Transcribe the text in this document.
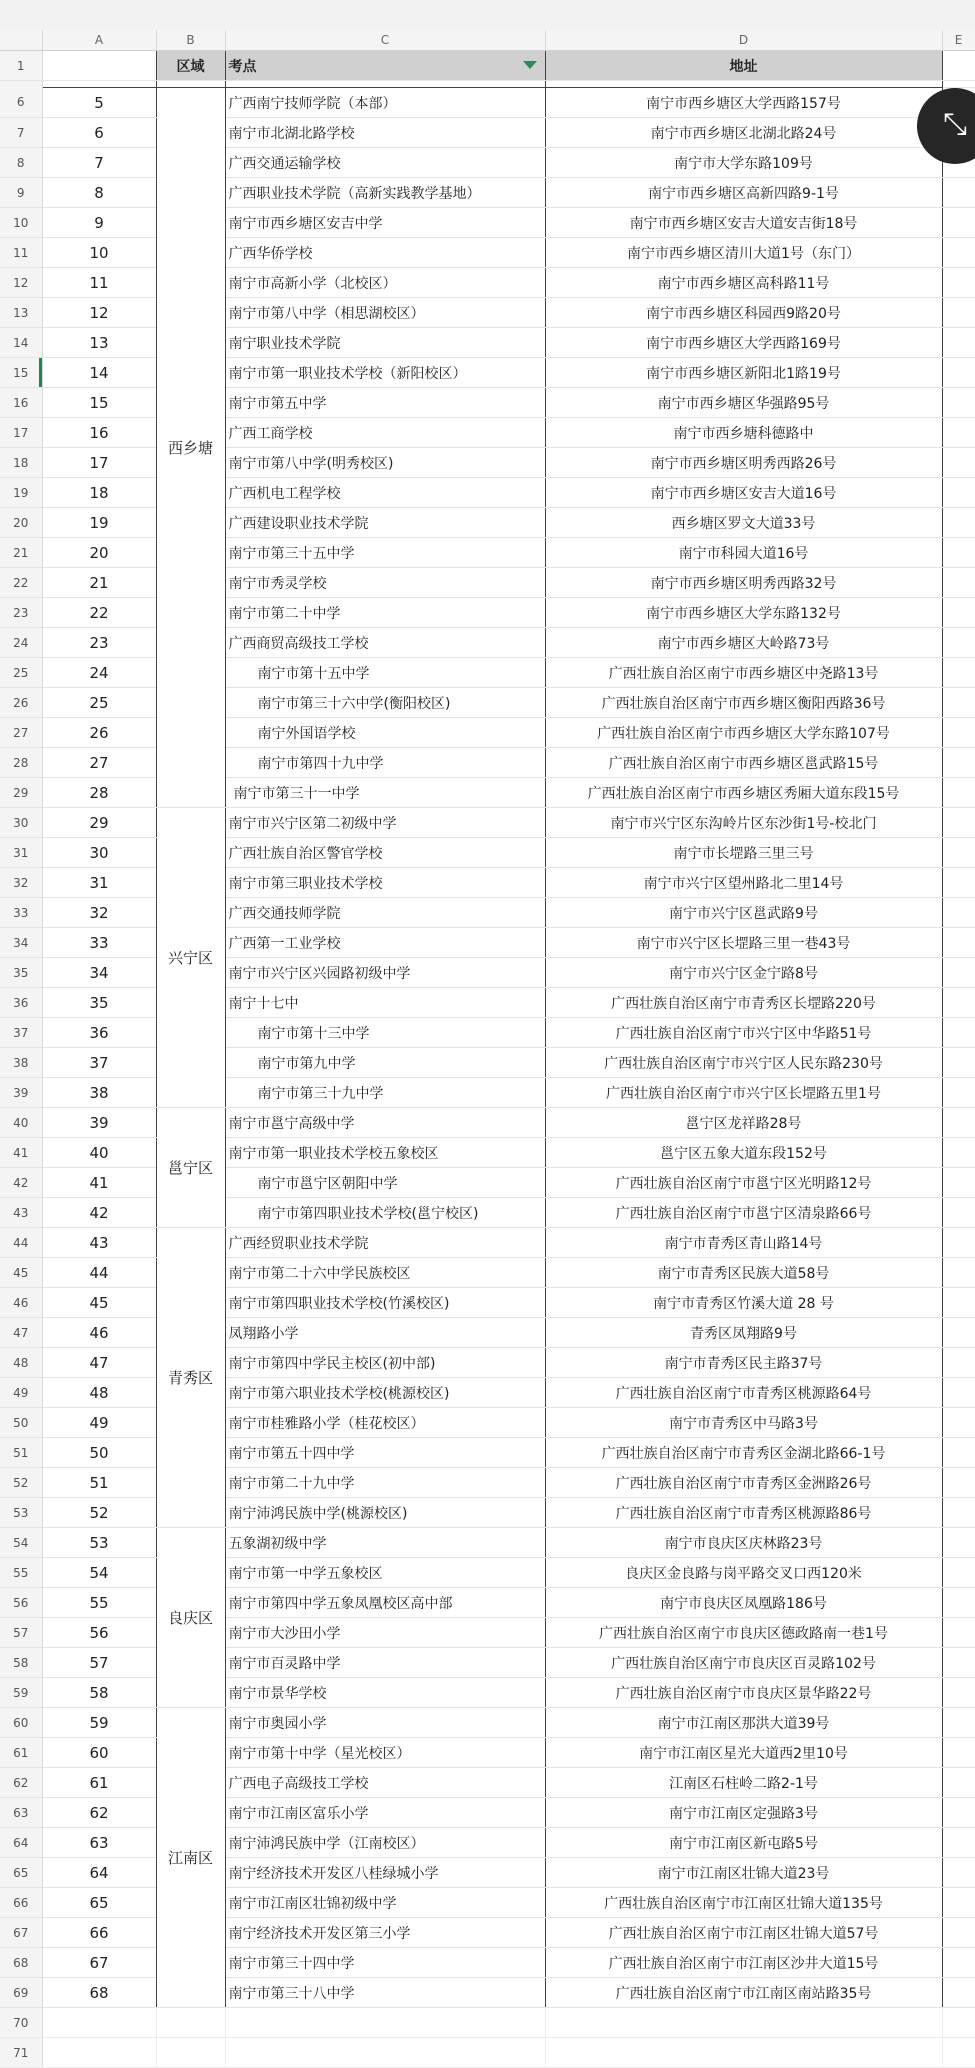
	A	B	C	D	E
1		区域	考点	地址	

6	5	西乡塘	广西南宁技师学院（本部）	南宁市西乡塘区大学西路157号	
7	6		南宁市北湖北路学校	南宁市西乡塘区北湖北路24号	
8	7		广西交通运输学校	南宁市大学东路109号	
9	8		广西职业技术学院（高新实践教学基地）	南宁市西乡塘区高新四路9-1号	
10	9		南宁市西乡塘区安吉中学	南宁市西乡塘区安吉大道安吉街18号	
11	10		广西华侨学校	南宁市西乡塘区清川大道1号（东门）	
12	11		南宁市高新小学（北校区）	南宁市西乡塘区高科路11号	
13	12		南宁市第八中学（相思湖校区）	南宁市西乡塘区科园西9路20号	
14	13		南宁职业技术学院	南宁市西乡塘区大学西路169号	
15	14		南宁市第一职业技术学校（新阳校区）	南宁市西乡塘区新阳北1路19号	
16	15		南宁市第五中学	南宁市西乡塘区华强路95号	
17	16		广西工商学校	南宁市西乡塘科德路中	
18	17		南宁市第八中学(明秀校区)	南宁市西乡塘区明秀西路26号	
19	18		广西机电工程学校	南宁市西乡塘区安吉大道16号	
20	19		广西建设职业技术学院	西乡塘区罗文大道33号	
21	20		南宁市第三十五中学	南宁市科园大道16号	
22	21		南宁市秀灵学校	南宁市西乡塘区明秀西路32号	
23	22		南宁市第二十中学	南宁市西乡塘区大学东路132号	
24	23		广西商贸高级技工学校	南宁市西乡塘区大岭路73号	
25	24		南宁市第十五中学	广西壮族自治区南宁市西乡塘区中尧路13号	
26	25		南宁市第三十六中学(衡阳校区)	广西壮族自治区南宁市西乡塘区衡阳西路36号	
27	26		南宁外国语学校	广西壮族自治区南宁市西乡塘区大学东路107号	
28	27		南宁市第四十九中学	广西壮族自治区南宁市西乡塘区邕武路15号	
29	28		南宁市第三十一中学	广西壮族自治区南宁市西乡塘区秀厢大道东段15号	
30	29	兴宁区	南宁市兴宁区第二初级中学	南宁市兴宁区东沟岭片区东沙街1号-校北门	
31	30		广西壮族自治区警官学校	南宁市长堽路三里三号	
32	31		南宁市第三职业技术学校	南宁市兴宁区望州路北二里14号	
33	32		广西交通技师学院	南宁市兴宁区邕武路9号	
34	33		广西第一工业学校	南宁市兴宁区长堽路三里一巷43号	
35	34		南宁市兴宁区兴园路初级中学	南宁市兴宁区金宁路8号	
36	35		南宁十七中	广西壮族自治区南宁市青秀区长堽路220号	
37	36		南宁市第十三中学	广西壮族自治区南宁市兴宁区中华路51号	
38	37		南宁市第九中学	广西壮族自治区南宁市兴宁区人民东路230号	
39	38		南宁市第三十九中学	广西壮族自治区南宁市兴宁区长堽路五里1号	
40	39	邕宁区	南宁市邕宁高级中学	邕宁区龙祥路28号	
41	40		南宁市第一职业技术学校五象校区	邕宁区五象大道东段152号	
42	41		南宁市邕宁区朝阳中学	广西壮族自治区南宁市邕宁区光明路12号	
43	42		南宁市第四职业技术学校(邕宁校区)	广西壮族自治区南宁市邕宁区清泉路66号	
44	43	青秀区	广西经贸职业技术学院	南宁市青秀区青山路14号	
45	44		南宁市第二十六中学民族校区	南宁市青秀区民族大道58号	
46	45		南宁市第四职业技术学校(竹溪校区)	南宁市青秀区竹溪大道 28 号	
47	46		凤翔路小学	青秀区凤翔路9号	
48	47		南宁市第四中学民主校区(初中部)	南宁市青秀区民主路37号	
49	48		南宁市第六职业技术学校(桃源校区)	广西壮族自治区南宁市青秀区桃源路64号	
50	49		南宁市桂雅路小学（桂花校区）	南宁市青秀区中马路3号	
51	50		南宁市第五十四中学	广西壮族自治区南宁市青秀区金湖北路66-1号	
52	51		南宁市第二十九中学	广西壮族自治区南宁市青秀区金洲路26号	
53	52		南宁沛鸿民族中学(桃源校区)	广西壮族自治区南宁市青秀区桃源路86号	
54	53	良庆区	五象湖初级中学	南宁市良庆区庆林路23号	
55	54		南宁市第一中学五象校区	良庆区金良路与岗平路交叉口西120米	
56	55		南宁市第四中学五象凤凰校区高中部	南宁市良庆区凤凰路186号	
57	56		南宁市大沙田小学	广西壮族自治区南宁市良庆区德政路南一巷1号	
58	57		南宁市百灵路中学	广西壮族自治区南宁市良庆区百灵路102号	
59	58		南宁市景华学校	广西壮族自治区南宁市良庆区景华路22号	
60	59	江南区	南宁市奥园小学	南宁市江南区那洪大道39号	
61	60		南宁市第十中学（星光校区）	南宁市江南区星光大道西2里10号	
62	61		广西电子高级技工学校	江南区石柱岭二路2-1号	
63	62		南宁市江南区富乐小学	南宁市江南区定强路3号	
64	63		南宁沛鸿民族中学（江南校区）	南宁市江南区新屯路5号	
65	64		南宁经济技术开发区八桂绿城小学	南宁市江南区壮锦大道23号	
66	65		南宁市江南区壮锦初级中学	广西壮族自治区南宁市江南区壮锦大道135号	
67	66		南宁经济技术开发区第三小学	广西壮族自治区南宁市江南区壮锦大道57号	
68	67		南宁市第三十四中学	广西壮族自治区南宁市江南区沙井大道15号	
69	68		南宁市第三十八中学	广西壮族自治区南宁市江南区南站路35号	
70					
71					
⤡
